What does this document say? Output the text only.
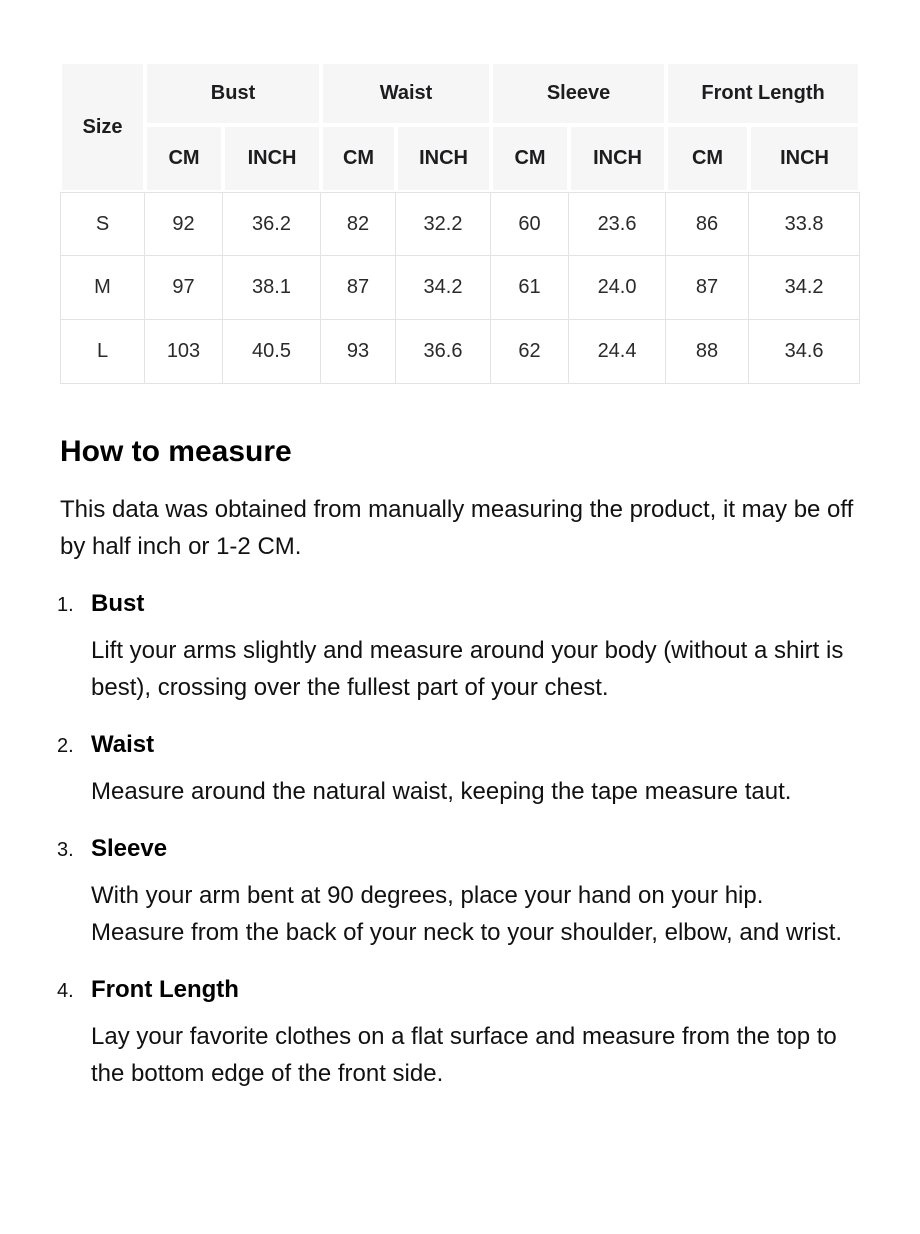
Size	Bust		Waist		Sleeve		Front Length	
	CM	INCH	CM	INCH	CM	INCH	CM	INCH
S	92	36.2	82	32.2	60	23.6	86	33.8
M	97	38.1	87	34.2	61	24.0	87	34.2
L	103	40.5	93	36.6	62	24.4	88	34.6
How to measure

This data was obtained from manually measuring the product, it may be off by half inch or 1-2 CM.

1. Bust
Lift your arms slightly and measure around your body (without a shirt is best), crossing over the fullest part of your chest.
2. Waist
Measure around the natural waist, keeping the tape measure taut.
3. Sleeve
With your arm bent at 90 degrees, place your hand on your hip. Measure from the back of your neck to your shoulder, elbow, and wrist.
4. Front Length
Lay your favorite clothes on a flat surface and measure from the top to the bottom edge of the front side.
